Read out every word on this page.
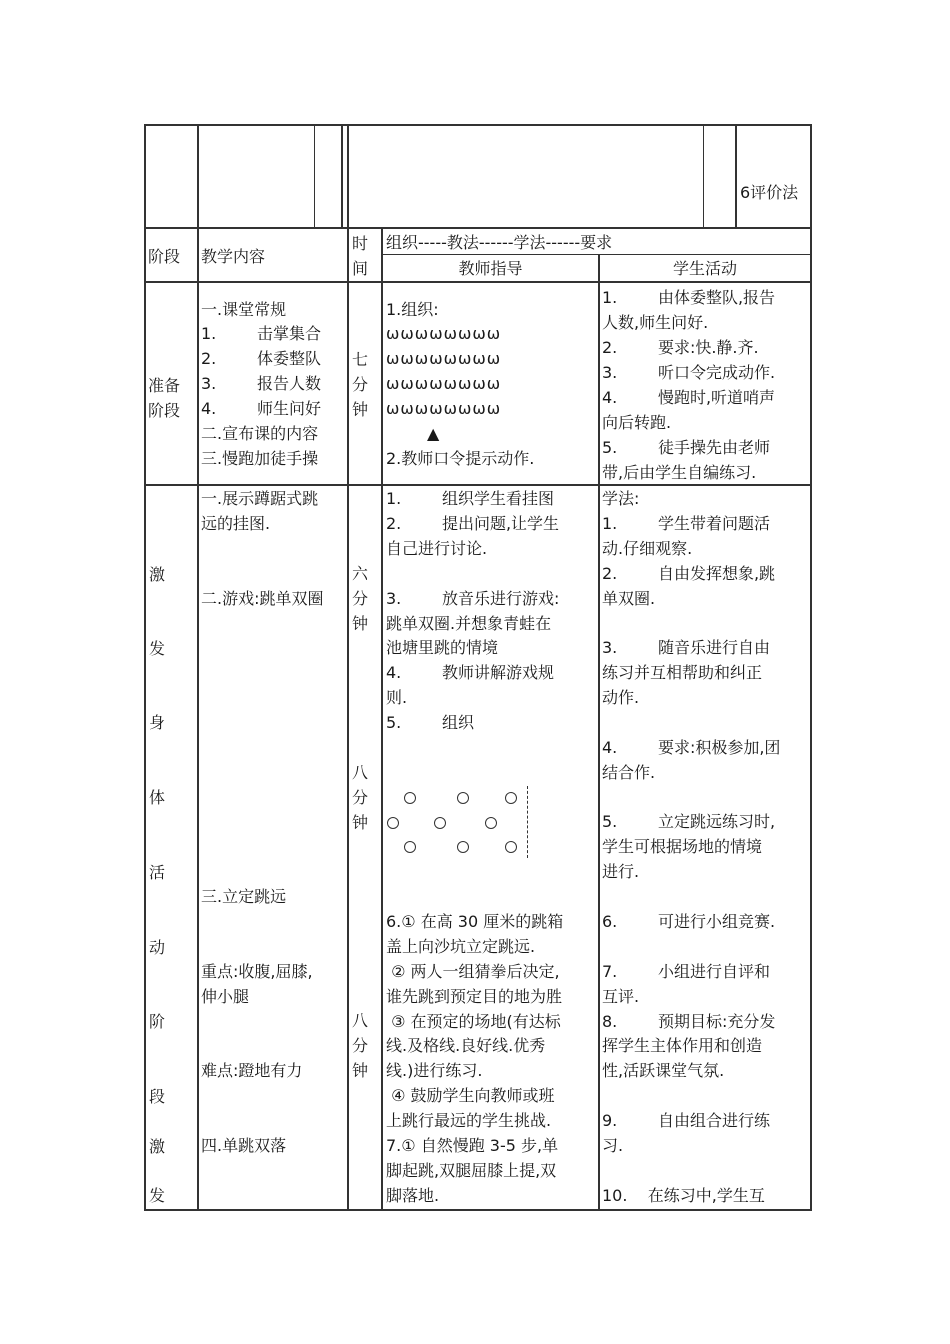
6评价法
阶段 教学内容
时间
组织-----教法------学法------要求
教师指导	学生活动
准备阶段
一.课堂常规
1.        击掌集合
2.        体委整队
3.        报告人数
4.        师生问好
二.宣布课的内容
三.慢跑加徒手操
七分钟
1.组织:
ѡѡѡѡѡѡѡѡ
ѡѡѡѡѡѡѡѡ
ѡѡѡѡѡѡѡѡ
ѡѡѡѡѡѡѡѡ
▲
2.教师口令提示动作.
1.        由体委整队,报告
人数,师生问好.
2.        要求:快.静.齐.
3.        听口令完成动作.
4.        慢跑时,听道哨声
向后转跑.
5.        徒手操先由老师
带,后由学生自编练习.
激
发
身
体
活
动
阶
段
激
发
一.展示蹲踞式跳
远的挂图.
二.游戏:跳单双圈
三.立定跳远
重点:收腹,屈膝,
伸小腿
难点:蹬地有力
四.单跳双落
六分钟
八分钟
八分钟
1.        组织学生看挂图
2.        提出问题,让学生
自己进行讨论.
3.        放音乐进行游戏:
跳单双圈.并想象青蛙在
池塘里跳的情境
4.        教师讲解游戏规
则.
5.        组织
6.① 在高 30 厘米的跳箱
盖上向沙坑立定跳远.
② 两人一组猜拳后决定,
谁先跳到预定目的地为胜
③ 在预定的场地(有达标
线.及格线.良好线.优秀
线.)进行练习.
④ 鼓励学生向教师或班
上跳行最远的学生挑战.
7.① 自然慢跑 3-5 步,单
脚起跳,双腿屈膝上提,双
脚落地.
学法:
1.        学生带着问题活
动.仔细观察.
2.        自由发挥想象,跳
单双圈.
3.        随音乐进行自由
练习并互相帮助和纠正
动作.
4.        要求:积极参加,团
结合作.
5.        立定跳远练习时,
学生可根据场地的情境
进行.
6.        可进行小组竞赛.
7.        小组进行自评和
互评.
8.        预期目标:充分发
挥学生主体作用和创造
性,活跃课堂气氛.
9.        自由组合进行练
习.
10.    在练习中,学生互
